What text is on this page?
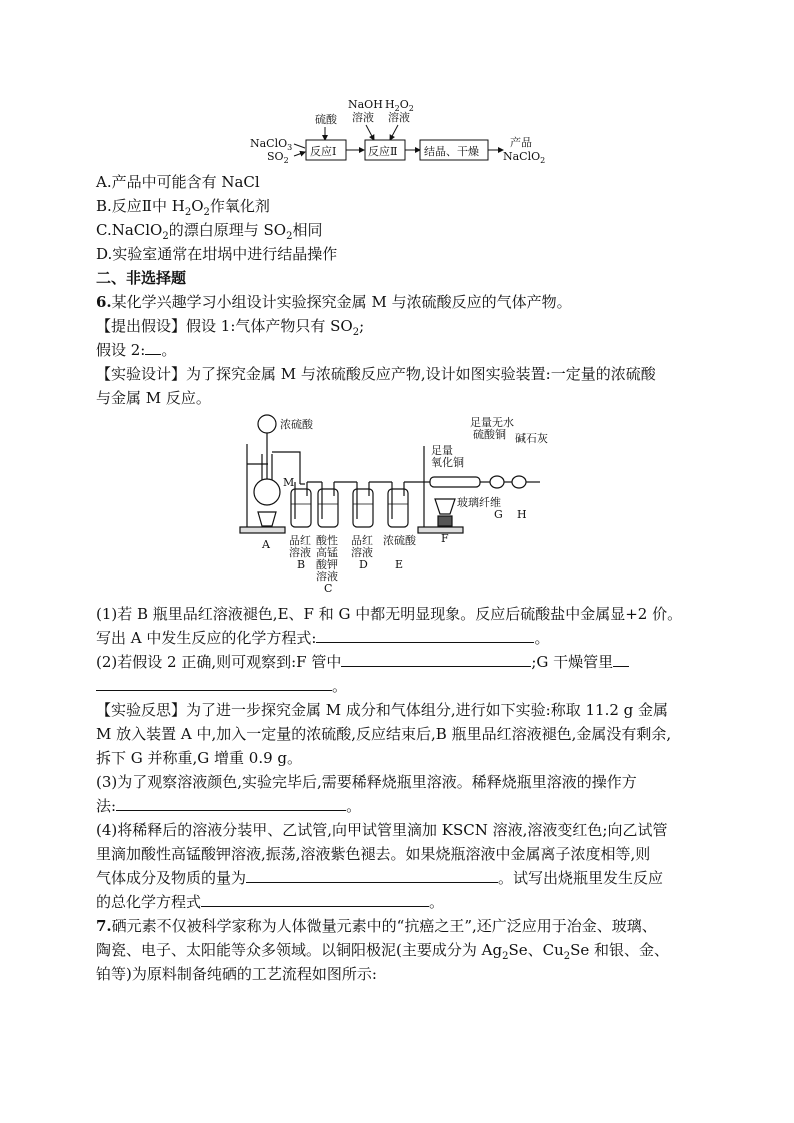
NaClO$_3$
$SO_2$
硫酸
反应Ⅰ
NaOH
溶液
$H_2O_2$
溶液
反应Ⅱ 结晶、干燥
产品
NaClO$_2$
A.产品中可能含有 NaCl
B.反应Ⅱ中 $H_2O_2$作氧化剂
C.NaClO$_2$的漂白原理与 $SO_2$相同
D.实验室通常在坩埚中进行结晶操作
二、非选择题
6.某化学兴趣学习小组设计实验探究金属 M 与浓硫酸反应的气体产物。
【提出假设】假设 1:气体产物只有 $SO_2$;
假设 2: 。
【实验设计】为了探究金属 M 与浓硫酸反应产物,设计如图实验装置:一定量的浓硫酸
与金属 M 反应。
浓硫酸
M
A 品红
溶液
B
酸性
高锰
酸钾
溶液
C
品红
溶液
D
浓硫酸
E
足量
氧化铜
F
足量无水
硫酸铜
玻璃纤维
G
碱石灰
H
(1)若 B 瓶里品红溶液褪色,E、F 和 G 中都无明显现象。反应后硫酸盐中金属显+2 价。
写出 A 中发生反应的化学方程式:	。
(2)若假设 2 正确,则可观察到:F 管中	;G 干燥管里
。
【实验反思】为了进一步探究金属 M 成分和气体组分,进行如下实验:称取 11.2 g 金属
M 放入装置 A 中,加入一定量的浓硫酸,反应结束后,B 瓶里品红溶液褪色,金属没有剩余,
拆下 G 并称重,G 增重 0.9 g。
(3)为了观察溶液颜色,实验完毕后,需要稀释烧瓶里溶液。稀释烧瓶里溶液的操作方
法:	。
(4)将稀释后的溶液分装甲、乙试管,向甲试管里滴加 KSCN 溶液,溶液变红色;向乙试管
里滴加酸性高锰酸钾溶液,振荡,溶液紫色褪去。如果烧瓶溶液中金属离子浓度相等,则
气体成分及物质的量为	。试写出烧瓶里发生反应
的总化学方程式	。
7.硒元素不仅被科学家称为人体微量元素中的“抗癌之王”,还广泛应用于冶金、玻璃、
陶瓷、电子、太阳能等众多领域。以铜阳极泥(主要成分为 $Ag_2Se$、$Cu_2Se$ 和银、金、
铂等)为原料制备纯硒的工艺流程如图所示:
